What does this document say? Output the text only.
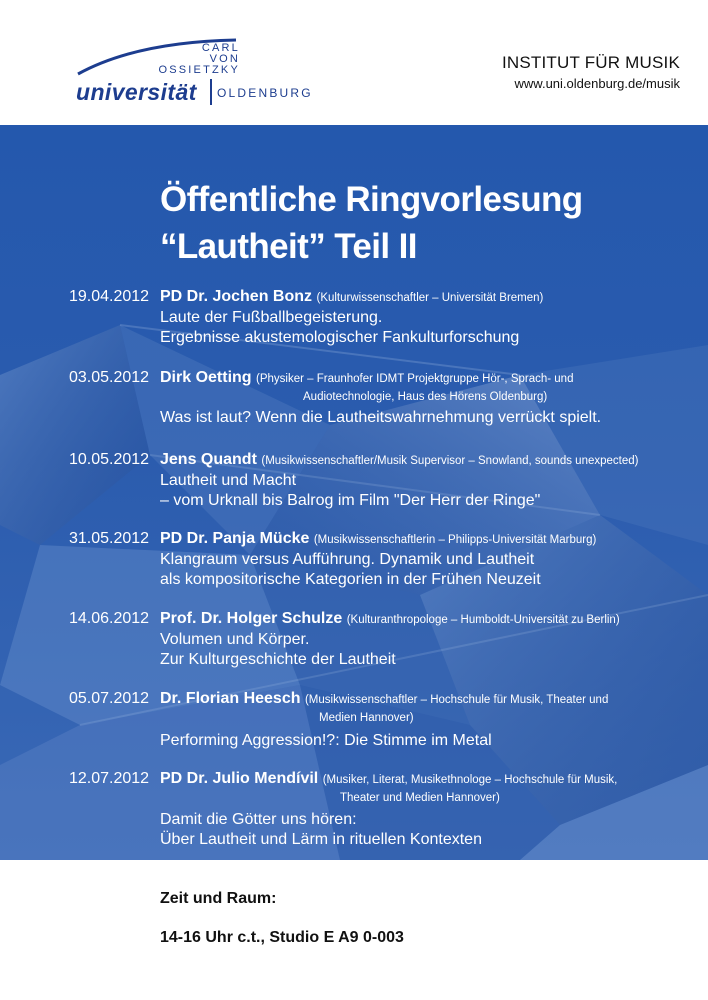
CARL
VON
OSSIETZKY
universität OLDENBURG
INSTITUT FÜR MUSIK
www.uni.oldenburg.de/musik
Öffentliche Ringvorlesung
“Lautheit” Teil II
19.04.2012 PD Dr. Jochen Bonz (Kulturwissenschaftler – Universität Bremen)
Laute der Fußballbegeisterung.
Ergebnisse akustemologischer Fankulturforschung
03.05.2012 Dirk Oetting (Physiker – Fraunhofer IDMT Projektgruppe Hör-, Sprach- und
Audiotechnologie, Haus des Hörens Oldenburg)
Was ist laut? Wenn die Lautheitswahrnehmung verrückt spielt.
10.05.2012 Jens Quandt (Musikwissenschaftler/Musik Supervisor – Snowland, sounds unexpected)
Lautheit und Macht
– vom Urknall bis Balrog im Film "Der Herr der Ringe"
31.05.2012 PD Dr. Panja Mücke (Musikwissenschaftlerin – Philipps-Universität Marburg)
Klangraum versus Aufführung. Dynamik und Lautheit
als kompositorische Kategorien in der Frühen Neuzeit
14.06.2012 Prof. Dr. Holger Schulze (Kulturanthropologe – Humboldt-Universität zu Berlin)
Volumen und Körper.
Zur Kulturgeschichte der Lautheit
05.07.2012 Dr. Florian Heesch (Musikwissenschaftler – Hochschule für Musik, Theater und
Medien Hannover)
Performing Aggression!?: Die Stimme im Metal
12.07.2012 PD Dr. Julio Mendívil (Musiker, Literat, Musikethnologe – Hochschule für Musik,
Theater und Medien Hannover)
Damit die Götter uns hören:
Über Lautheit und Lärm in rituellen Kontexten
Zeit und Raum:
14-16 Uhr c.t., Studio E A9 0-003
